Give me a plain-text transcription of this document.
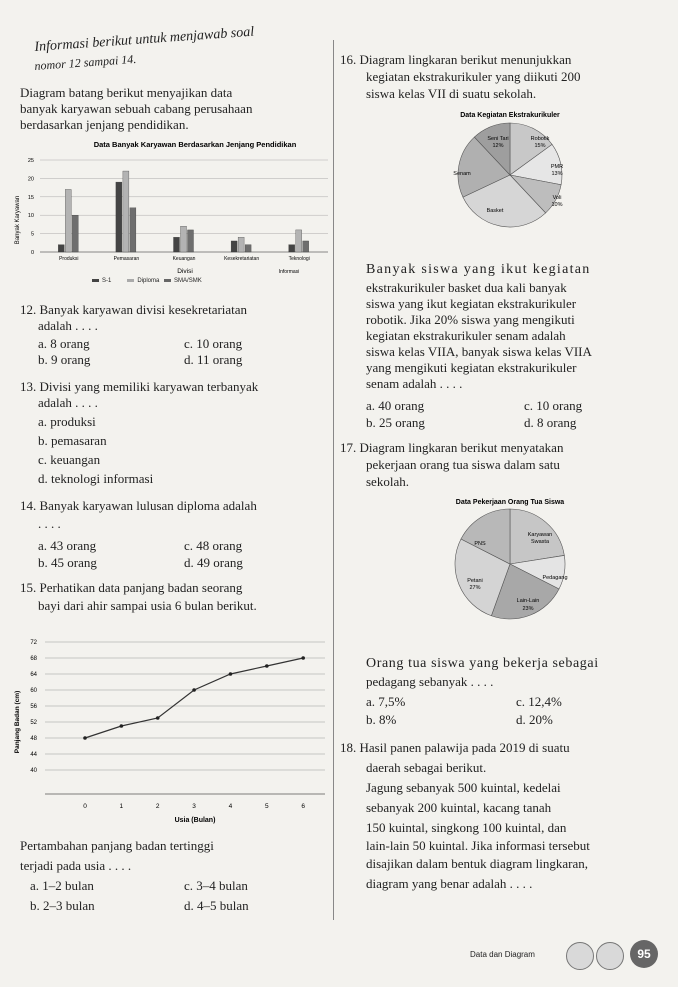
Informasi berikut untuk menjawab soal
nomor 12 sampai 14.
Diagram batang berikut menyajikan data
banyak karyawan sebuah cabang perusahaan
berdasarkan jenjang pendidikan.
Data Banyak Karyawan Berdasarkan Jenjang Pendidikan
Banyak Karyawan
0
5
10
15
20
25
Produksi	Pemasaran	Keuangan	Kesekretariatan	Teknologi
Divisi	Informasi
S-1	Diploma SMA/SMK
12. Banyak karyawan divisi kesekretariatan
adalah . . . .
a. 8 orang	c. 10 orang
b. 9 orang	d. 11 orang
13. Divisi yang memiliki karyawan terbanyak
adalah . . . .
a. produksi
b. pemasaran
c. keuangan
d. teknologi informasi
14. Banyak karyawan lulusan diploma adalah
. . . .
a. 43 orang	c. 48 orang
b. 45 orang	d. 49 orang
15. Perhatikan data panjang badan seorang
bayi dari ahir sampai usia 6 bulan berikut.
Panjang Badan (cm)
40
44
48
52
56
60
64
68
72
0	1	2	3	4	5	6
Usia (Bulan)
Pertambahan panjang badan tertinggi
terjadi pada usia . . . .
a. 1–2 bulan	c. 3–4 bulan
b. 2–3 bulan	d. 4–5 bulan
16. Diagram lingkaran berikut menunjukkan
kegiatan ekstrakurikuler yang diikuti 200
siswa kelas VII di suatu sekolah.
Data Kegiatan Ekstrakurikuler
Seni Tari
12%
Robotik
15%
PMR
13%
Voli
10%
Senam
Basket
Banyak siswa yang ikut kegiatan
ekstrakurikuler basket dua kali banyak
siswa yang ikut kegiatan ekstrakurikuler
robotik. Jika 20% siswa yang mengikuti
kegiatan ekstrakurikuler senam adalah
siswa kelas VIIA, banyak siswa kelas VIIA
yang mengikuti kegiatan ekstrakurikuler
senam adalah . . . .
a. 40 orang	c. 10 orang
b. 25 orang	d. 8 orang
17. Diagram lingkaran berikut menyatakan
pekerjaan orang tua siswa dalam satu
sekolah.
Data Pekerjaan Orang Tua Siswa
Karyawan
Swasta
PNS
Petani
27%
Pedagang
Lain-Lain
23%
Orang tua siswa yang bekerja sebagai
pedagang sebanyak . . . .
a. 7,5%	c. 12,4%
b. 8%	d. 20%
18. Hasil panen palawija pada 2019 di suatu
daerah sebagai berikut.
Jagung sebanyak 500 kuintal, kedelai
sebanyak 200 kuintal, kacang tanah
150 kuintal, singkong 100 kuintal, dan
lain-lain 50 kuintal. Jika informasi tersebut
disajikan dalam bentuk diagram lingkaran,
diagram yang benar adalah . . . .
Data dan Diagram	95
